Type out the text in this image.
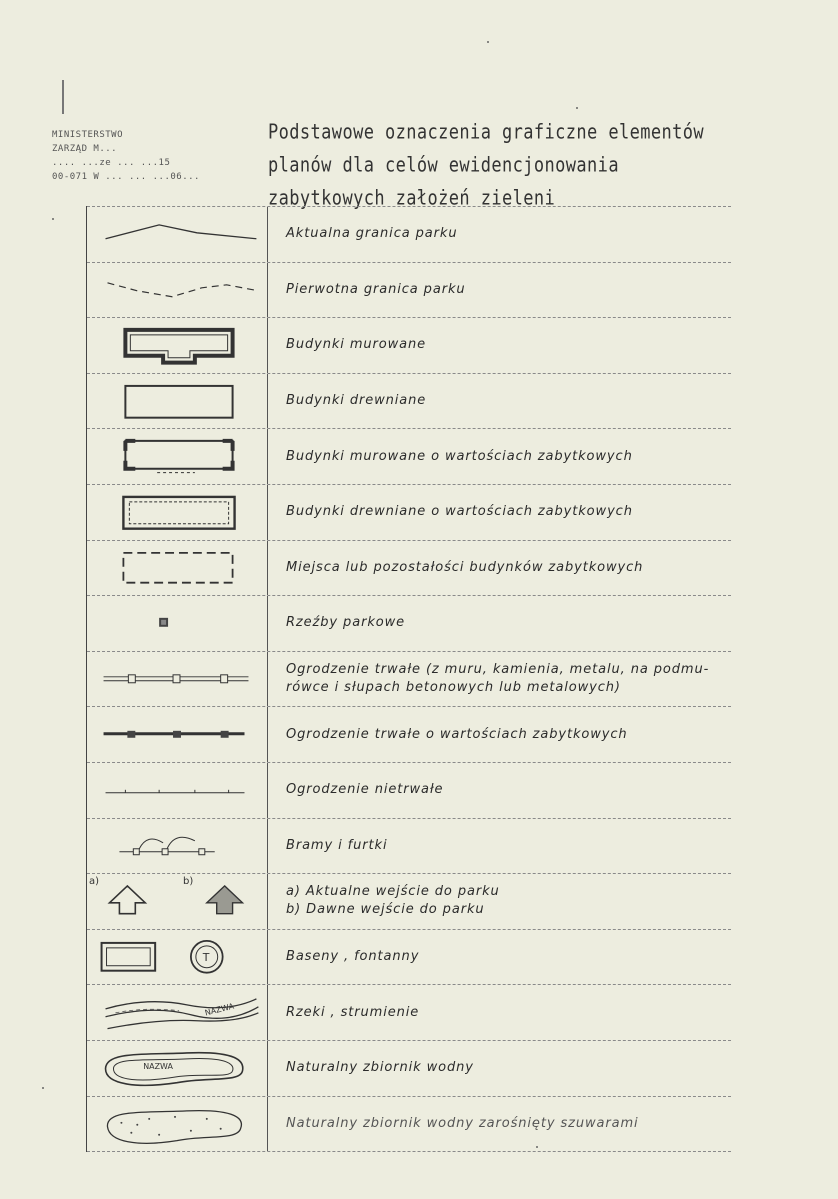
MINISTERSTWO
ZARZĄD M...
.... ...ze ... ...15
00-071 W ... ... ...06...
Podstawowe oznaczenia graficzne elementów
planów dla celów ewidencjonowania
zabytkowych założeń zieleni
Aktualna granica parku
Pierwotna granica parku
Budynki murowane
Budynki drewniane
Budynki murowane o wartościach zabytkowych
Budynki drewniane o wartościach zabytkowych
Miejsca lub pozostałości budynków zabytkowych
Rzeźby parkowe
Ogrodzenie trwałe (z muru, kamienia, metalu, na podmu-
rówce i słupach betonowych lub metalowych)
Ogrodzenie trwałe o wartościach zabytkowych
Ogrodzenie nietrwałe
Bramy i furtki
a)	b)
a) Aktualne wejście do parku
b) Dawne wejście do parku
T	Baseny , fontanny
NAZWA	Rzeki , strumienie
NAZWA	Naturalny zbiornik wodny
Naturalny zbiornik wodny zarośnięty szuwarami
